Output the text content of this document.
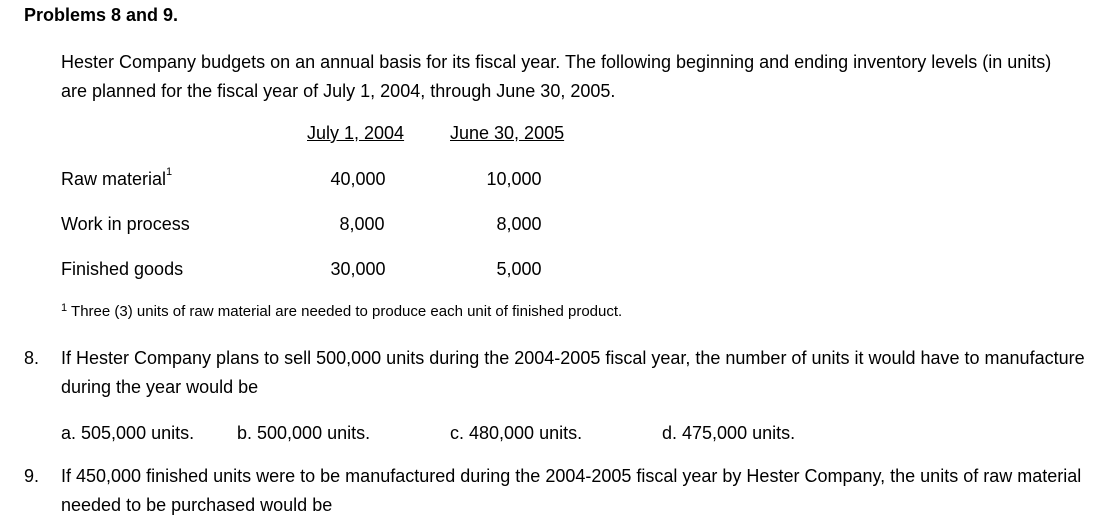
Problems 8 and 9.
Hester Company budgets on an annual basis for its fiscal year. The following beginning and ending inventory levels (in units) are planned for the fiscal year of July 1, 2004, through June 30, 2005.
July 1, 2004	June 30, 2005
Raw material$^1$	40,000	10,000
Work in process	8,000	8,000
Finished goods	30,000	5,000
$^1$ Three (3) units of raw material are needed to produce each unit of finished product.
8. If Hester Company plans to sell 500,000 units during the 2004-2005 fiscal year, the number of units it would have to manufacture during the year would be
a. 505,000 units. b. 500,000 units.	c. 480,000 units.	d. 475,000 units.
9. If 450,000 finished units were to be manufactured during the 2004-2005 fiscal year by Hester Company, the units of raw material needed to be purchased would be
